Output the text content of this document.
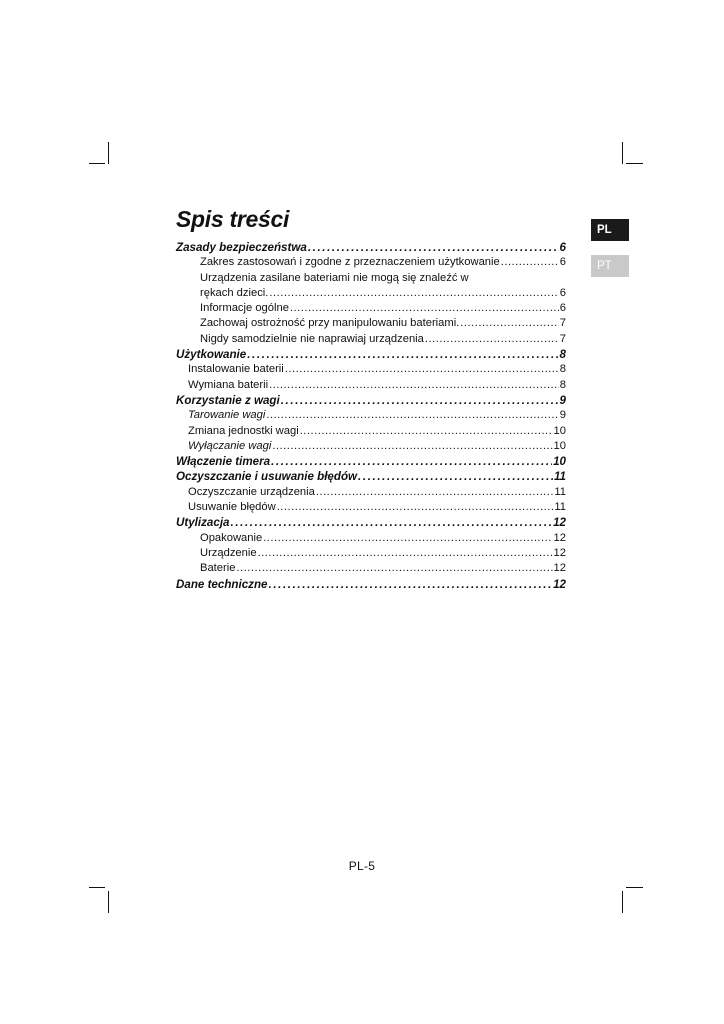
Spis treści	PL
PT
Zasady bezpieczeństwa .....	6
Zakres zastosowań i zgodne z przeznaczeniem użytkowanie .....	6
Urządzenia zasilane bateriami nie mogą się znaleźć w
rękach dzieci. .....	6
Informacje ogólne .....	6
Zachowaj ostrożność przy manipulowaniu bateriami. .....	7
Nigdy samodzielnie nie naprawiaj urządzenia .....	7
Użytkowanie .....	8
Instalowanie baterii .....	8
Wymiana baterii .....	8
Korzystanie z wagi .....	9
Tarowanie wagi .....	9
Zmiana jednostki wagi .....	10
Wyłączanie wagi .....	10
Włączenie timera .....	10
Oczyszczanie i usuwanie błędów .....	11
Oczyszczanie urządzenia .....	11
Usuwanie błędów .....	11
Utylizacja .....	12
Opakowanie .....	12
Urządzenie .....	12
Baterie .....	12
Dane techniczne .....	12
PL-5
